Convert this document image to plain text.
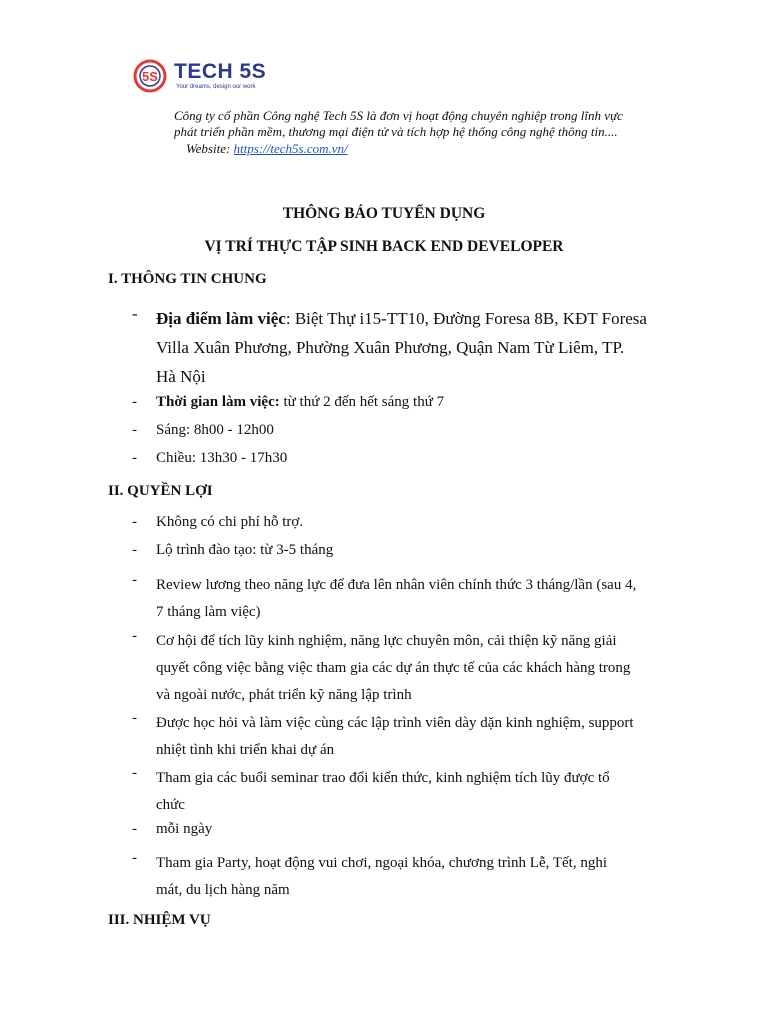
5S TECH 5S
Your dreams, design our work
Công ty cổ phần Công nghệ Tech 5S là đơn vị hoạt động chuyên nghiệp trong lĩnh vực
phát triển phần mềm, thương mại điện tử và tích hợp hệ thống công nghệ thông tin....
Website: https://tech5s.com.vn/
THÔNG BÁO TUYỂN DỤNG
VỊ TRÍ THỰC TẬP SINH BACK END DEVELOPER
I. THÔNG TIN CHUNG
- Địa điểm làm việc: Biệt Thự i15-TT10, Đường Foresa 8B, KĐT Foresa
Villa Xuân Phương, Phường Xuân Phương, Quận Nam Từ Liêm, TP.
Hà Nội
- Thời gian làm việc: từ thứ 2 đến hết sáng thứ 7
- Sáng: 8h00 - 12h00
- Chiều: 13h30 - 17h30
II. QUYỀN LỢI
- Không có chi phí hỗ trợ.
- Lộ trình đào tạo: từ 3-5 tháng
- Review lương theo năng lực để đưa lên nhân viên chính thức 3 tháng/lần (sau 4,
7 tháng làm việc)
- Cơ hội để tích lũy kinh nghiệm, năng lực chuyên môn, cải thiện kỹ năng giải
quyết công việc bằng việc tham gia các dự án thực tế của các khách hàng trong
và ngoài nước, phát triển kỹ năng lập trình
- Được học hỏi và làm việc cùng các lập trình viên dày dặn kinh nghiệm, support
nhiệt tình khi triển khai dự án
- Tham gia các buổi seminar trao đổi kiến thức, kinh nghiệm tích lũy được tổ
chức
- mỗi ngày
- Tham gia Party, hoạt động vui chơi, ngoại khóa, chương trình Lễ, Tết, nghi
mát, du lịch hàng năm
III. NHIỆM VỤ
